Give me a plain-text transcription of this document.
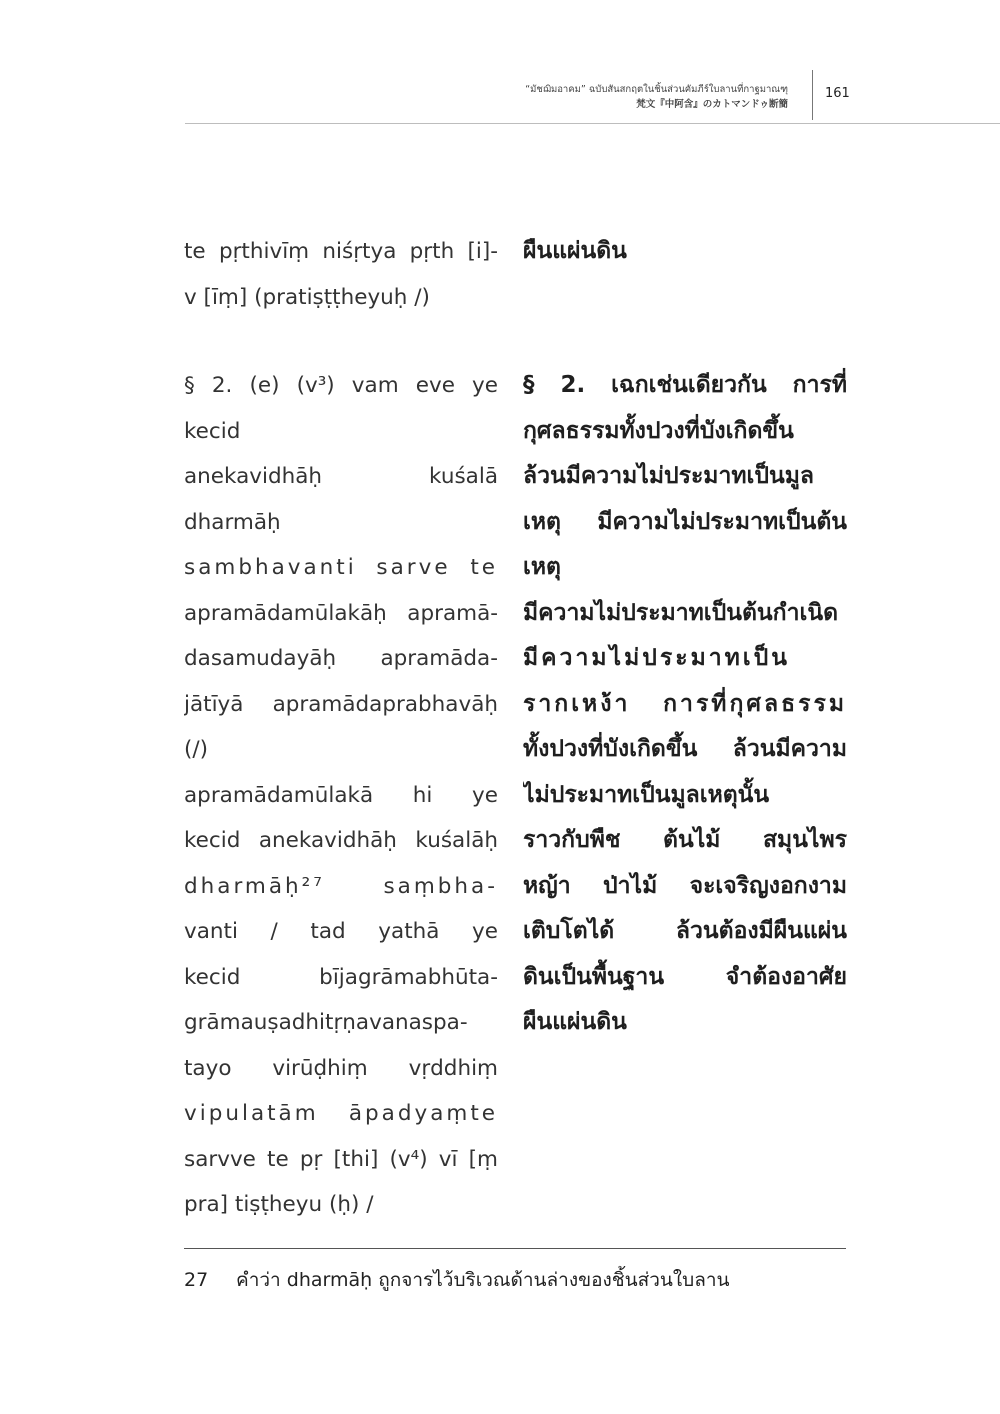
“มัชฌิมอาคม” ฉบับสันสกฤตในชิ้นส่วนคัมภีร์ใบลานที่กาฐมาณฑุ
梵文『中阿含』のカトマンドゥ断簡
161
te pṛthivīṃ niśṛtya pṛth [i]-
v [īṃ] (pratiṣṭṭheyuḥ /)
ผืนแผ่นดิน
§ 2. (e) (v³) vam eve ye kecid
anekavidhāḥ kuśalā dharmāḥ
sambhavanti sarve te
apramādamūlakāḥ apramā-
dasamudayāḥ apramāda-
jātīyā apramādaprabhavāḥ (/)
apramādamūlakā hi ye
kecid anekavidhāḥ kuśalāḥ
dharmāḥ²⁷ saṃbha-
vanti / tad yathā ye
kecid bījagrāmabhūta-
grāmauṣadhitṛṇavanaspa-
tayo virūḍhiṃ vṛddhiṃ
vipulatām āpadyaṃte
sarvve te pṛ [thi] (v⁴) vī [ṃ
pra] tiṣṭheyu (ḥ) /
§ 2. เฉกเช่นเดียวกัน การที่
กุศลธรรมทั้งปวงที่บังเกิดขึ้น
ล้วนมีความไม่ประมาทเป็นมูล
เหตุ มีความไม่ประมาทเป็นต้นเหตุ
มีความไม่ประมาทเป็นต้นกำเนิด
มีความไม่ประมาทเป็น
รากเหง้า การที่กุศลธรรม
ทั้งปวงที่บังเกิดขึ้น ล้วนมีความ
ไม่ประมาทเป็นมูลเหตุนั้น
ราวกับพืช ต้นไม้ สมุนไพร
หญ้า ป่าไม้ จะเจริญงอกงาม
เติบโตได้ ล้วนต้องมีผืนแผ่น
ดินเป็นพื้นฐาน จำต้องอาศัย
ผืนแผ่นดิน
27 คำว่า dharmāḥ ถูกจารไว้บริเวณด้านล่างของชิ้นส่วนใบลาน
